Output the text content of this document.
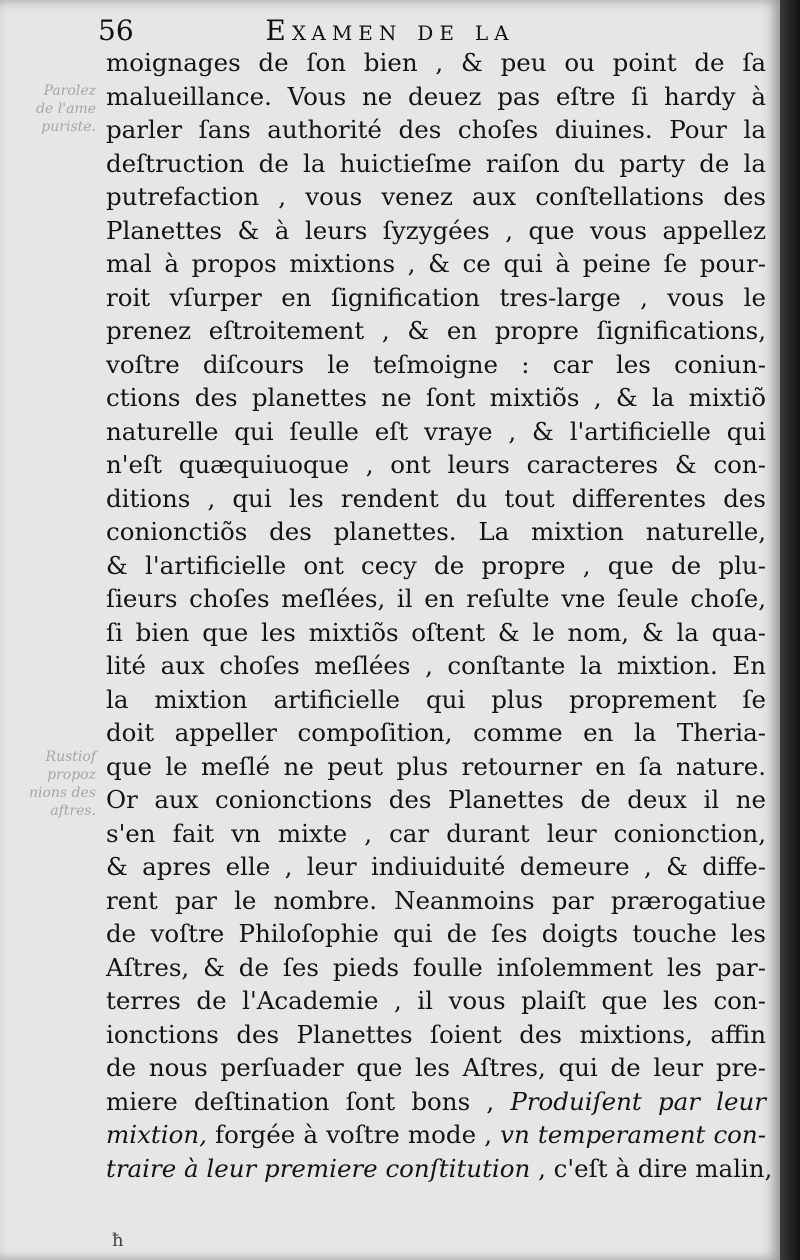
56	Examen de la
Parolez
de l'ame
puriste.
Rustiof
propoz
nions des
aftres.
moignages de ſon bien , & peu ou point de ſa
malueillance. Vous ne deuez pas eſtre ſi hardy à
parler ſans authorité des choſes diuines. Pour la
deſtruction de la huictieſme raiſon du party de la
putrefaction , vous venez aux conſtellations des
Planettes & à leurs ſyzygées , que vous appellez
mal à propos mixtions , & ce qui à peine ſe pour-
roit vſurper en ſignification tres-large , vous le
prenez eſtroitement , & en propre ſignifications,
voſtre diſcours le teſmoigne : car les coniun-
ctions des planettes ne ſont mixtiõs , & la mixtiõ
naturelle qui ſeulle eſt vraye , & l'artificielle qui
n'eſt quæquiuoque , ont leurs caracteres & con-
ditions , qui les rendent du tout differentes des
conionctiõs des planettes. La mixtion naturelle,
& l'artificielle ont cecy de propre , que de plu-
ſieurs choſes meſlées, il en reſulte vne ſeule choſe,
ſi bien que les mixtiõs oſtent & le nom, & la qua-
lité aux choſes meſlées , conſtante la mixtion. En
la mixtion artificielle qui plus proprement ſe
doit appeller compoſition, comme en la Theria-
que le meſlé ne peut plus retourner en ſa nature.
Or aux conionctions des Planettes de deux il ne
s'en fait vn mixte , car durant leur conionction,
& apres elle , leur indiuiduité demeure , & diffe-
rent par le nombre. Neanmoins par prærogatiue
de voſtre Philoſophie qui de ſes doigts touche les
Aſtres, & de ſes pieds foulle inſolemment les par-
terres de l'Academie , il vous plaiſt que les con-
ionctions des Planettes ſoient des mixtions, affin
de nous perſuader que les Aſtres, qui de leur pre-
miere deſtination ſont bons , Produiſent par leur
mixtion, forgée à voſtre mode , vn temperament con-
traire à leur premiere conſtitution , c'eſt à dire malin,
ħ
